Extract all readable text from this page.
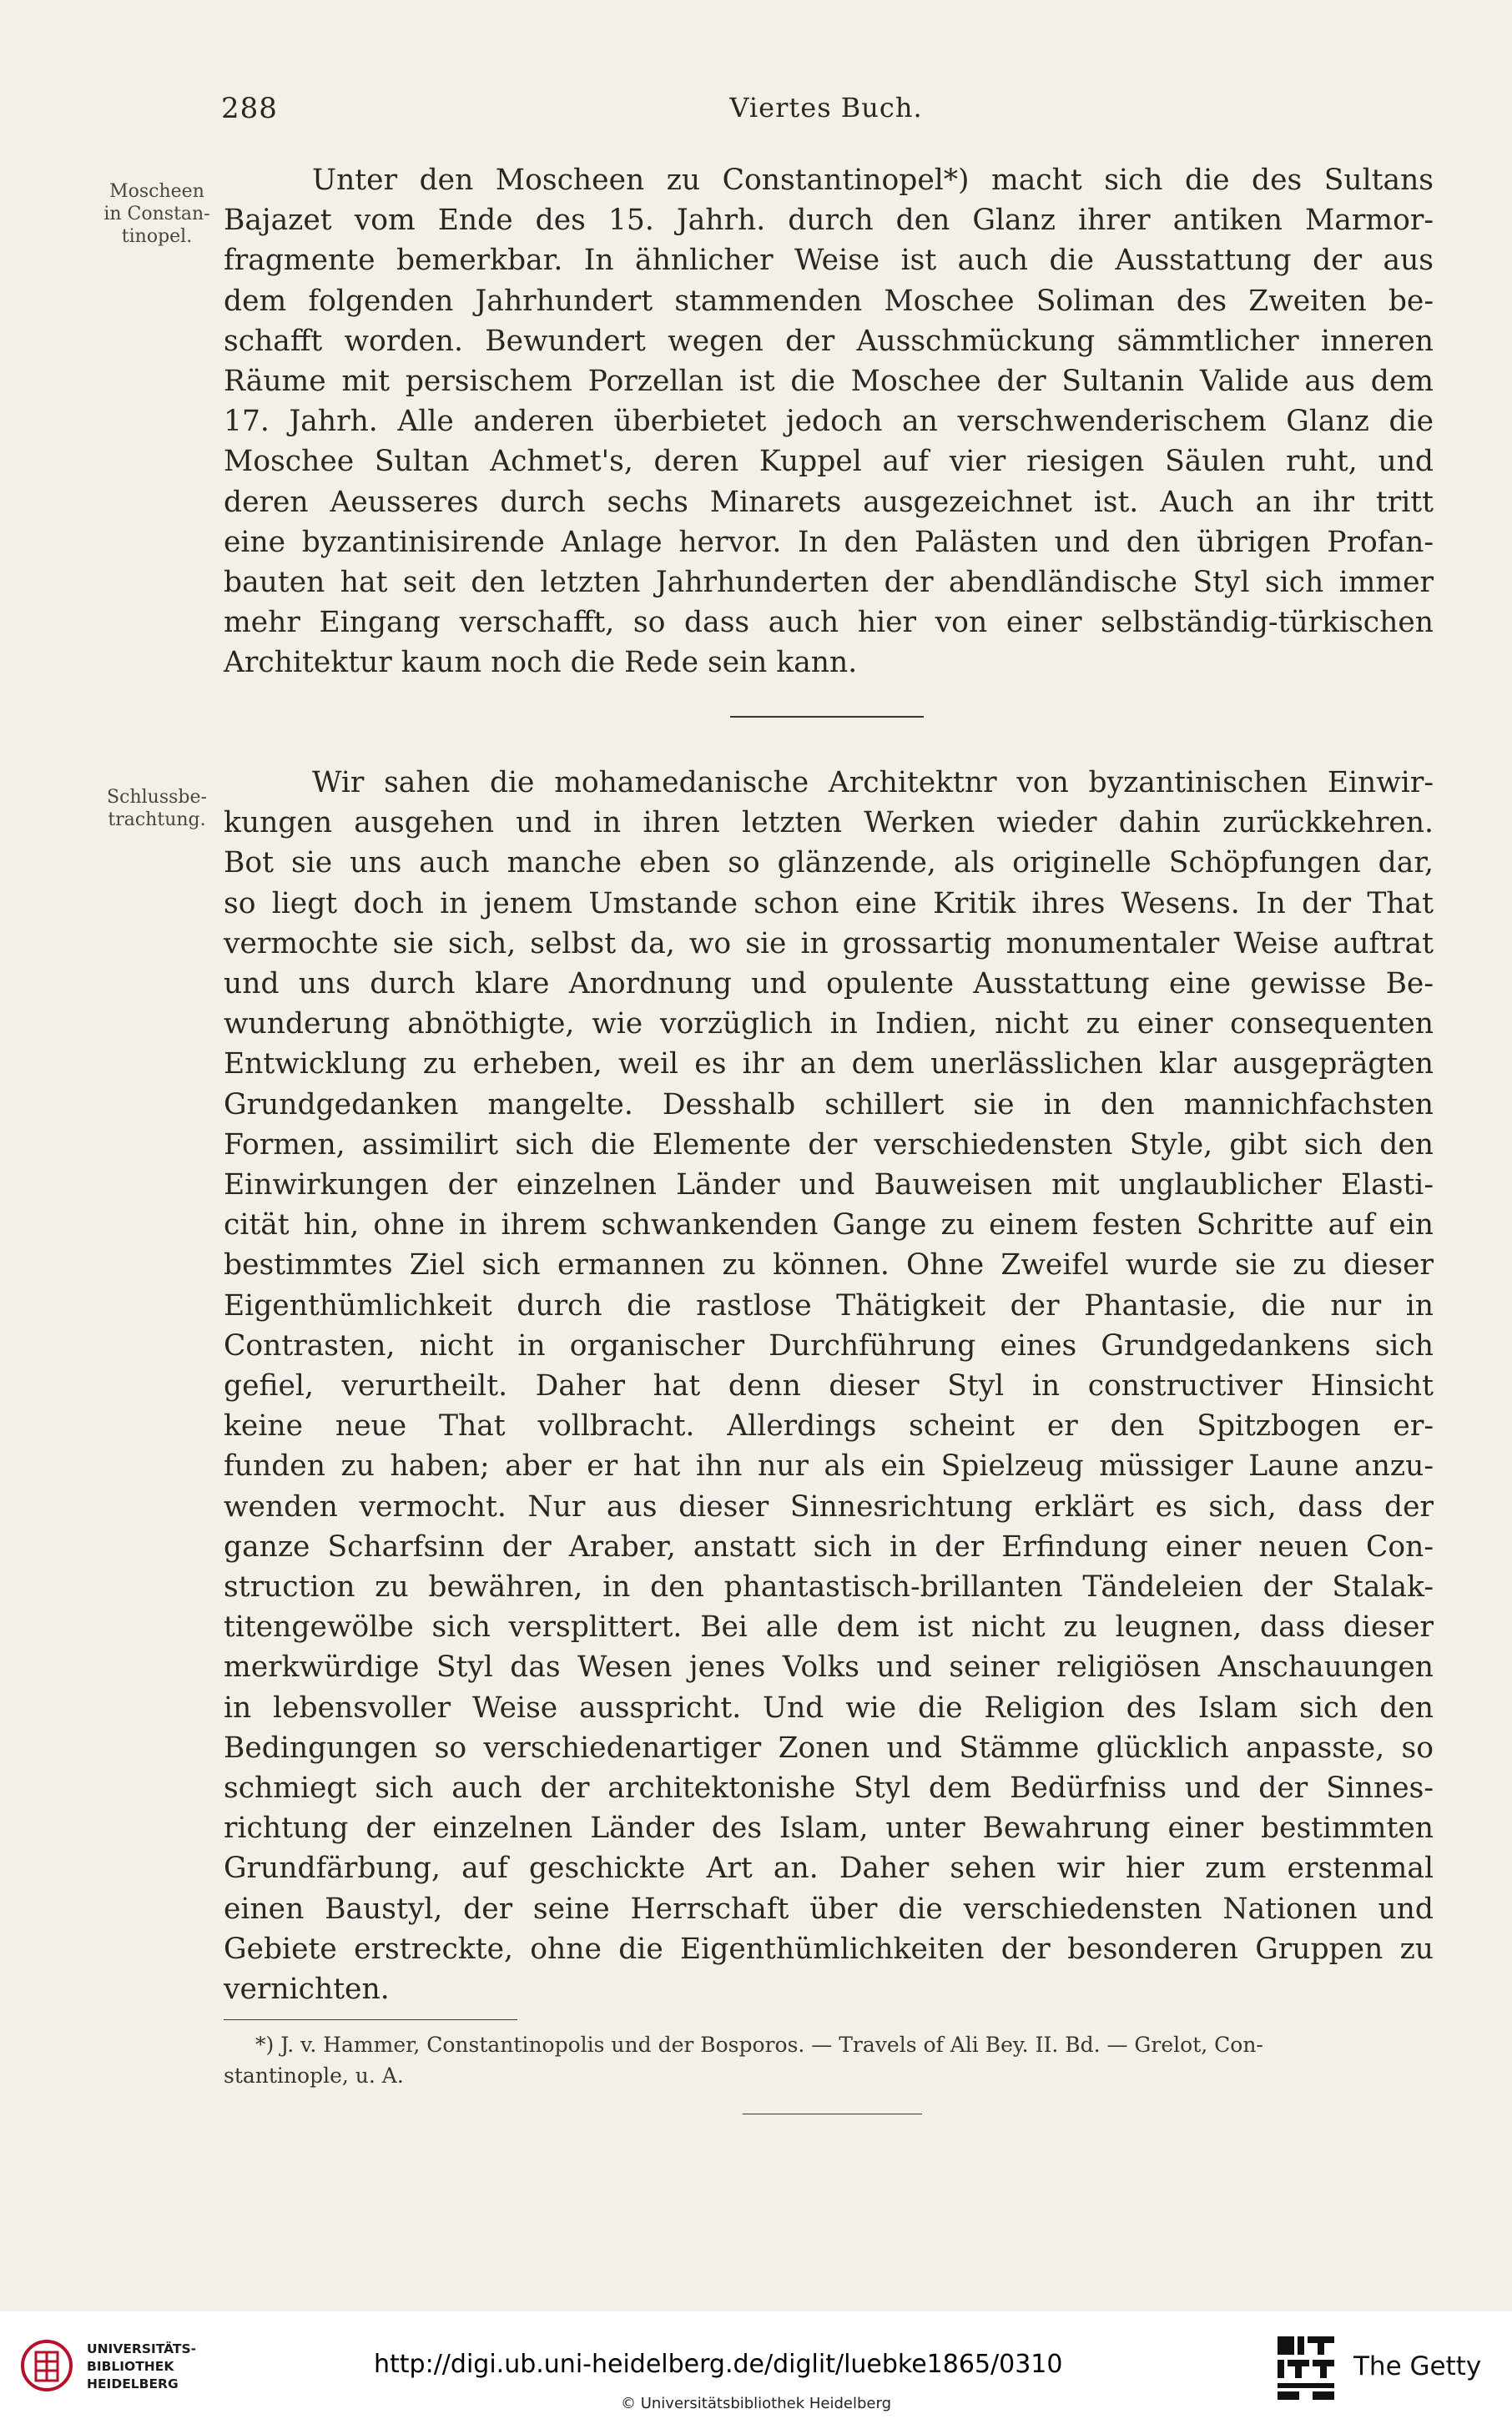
288	Viertes Buch.
Moscheen
in Constan-
tinopel.
Unter den Moscheen zu Constantinopel*) macht sich die des Sultans
Bajazet vom Ende des 15. Jahrh. durch den Glanz ihrer antiken Marmor-
fragmente bemerkbar. In ähnlicher Weise ist auch die Ausstattung der aus
dem folgenden Jahrhundert stammenden Moschee Soliman des Zweiten be-
schafft worden. Bewundert wegen der Ausschmückung sämmtlicher inneren
Räume mit persischem Porzellan ist die Moschee der Sultanin Valide aus dem
17. Jahrh. Alle anderen überbietet jedoch an verschwenderischem Glanz die
Moschee Sultan Achmet's, deren Kuppel auf vier riesigen Säulen ruht, und
deren Aeusseres durch sechs Minarets ausgezeichnet ist. Auch an ihr tritt
eine byzantinisirende Anlage hervor. In den Palästen und den übrigen Profan-
bauten hat seit den letzten Jahrhunderten der abendländische Styl sich immer
mehr Eingang verschafft, so dass auch hier von einer selbständig-türkischen
Architektur kaum noch die Rede sein kann.
Schlussbe-
trachtung.
Wir sahen die mohamedanische Architektnr von byzantinischen Einwir-
kungen ausgehen und in ihren letzten Werken wieder dahin zurückkehren.
Bot sie uns auch manche eben so glänzende, als originelle Schöpfungen dar,
so liegt doch in jenem Umstande schon eine Kritik ihres Wesens. In der That
vermochte sie sich, selbst da, wo sie in grossartig monumentaler Weise auftrat
und uns durch klare Anordnung und opulente Ausstattung eine gewisse Be-
wunderung abnöthigte, wie vorzüglich in Indien, nicht zu einer consequenten
Entwicklung zu erheben, weil es ihr an dem unerlässlichen klar ausgeprägten
Grundgedanken mangelte. Desshalb schillert sie in den mannichfachsten
Formen, assimilirt sich die Elemente der verschiedensten Style, gibt sich den
Einwirkungen der einzelnen Länder und Bauweisen mit unglaublicher Elasti-
cität hin, ohne in ihrem schwankenden Gange zu einem festen Schritte auf ein
bestimmtes Ziel sich ermannen zu können. Ohne Zweifel wurde sie zu dieser
Eigenthümlichkeit durch die rastlose Thätigkeit der Phantasie, die nur in
Contrasten, nicht in organischer Durchführung eines Grundgedankens sich
gefiel, verurtheilt. Daher hat denn dieser Styl in constructiver Hinsicht
keine neue That vollbracht. Allerdings scheint er den Spitzbogen er-
funden zu haben; aber er hat ihn nur als ein Spielzeug müssiger Laune anzu-
wenden vermocht. Nur aus dieser Sinnesrichtung erklärt es sich, dass der
ganze Scharfsinn der Araber, anstatt sich in der Erfindung einer neuen Con-
struction zu bewähren, in den phantastisch-brillanten Tändeleien der Stalak-
titengewölbe sich versplittert. Bei alle dem ist nicht zu leugnen, dass dieser
merkwürdige Styl das Wesen jenes Volks und seiner religiösen Anschauungen
in lebensvoller Weise ausspricht. Und wie die Religion des Islam sich den
Bedingungen so verschiedenartiger Zonen und Stämme glücklich anpasste, so
schmiegt sich auch der architektonishe Styl dem Bedürfniss und der Sinnes-
richtung der einzelnen Länder des Islam, unter Bewahrung einer bestimmten
Grundfärbung, auf geschickte Art an. Daher sehen wir hier zum erstenmal
einen Baustyl, der seine Herrschaft über die verschiedensten Nationen und
Gebiete erstreckte, ohne die Eigenthümlichkeiten der besonderen Gruppen zu
vernichten.
*) J. v. Hammer, Constantinopolis und der Bosporos. — Travels of Ali Bey. II. Bd. — Grelot, Con-
stantinople, u. A.
UNIVERSITÄTS-
BIBLIOTHEK
HEIDELBERG
http://digi.ub.uni-heidelberg.de/diglit/luebke1865/0310
© Universitätsbibliothek Heidelberg
The Getty
